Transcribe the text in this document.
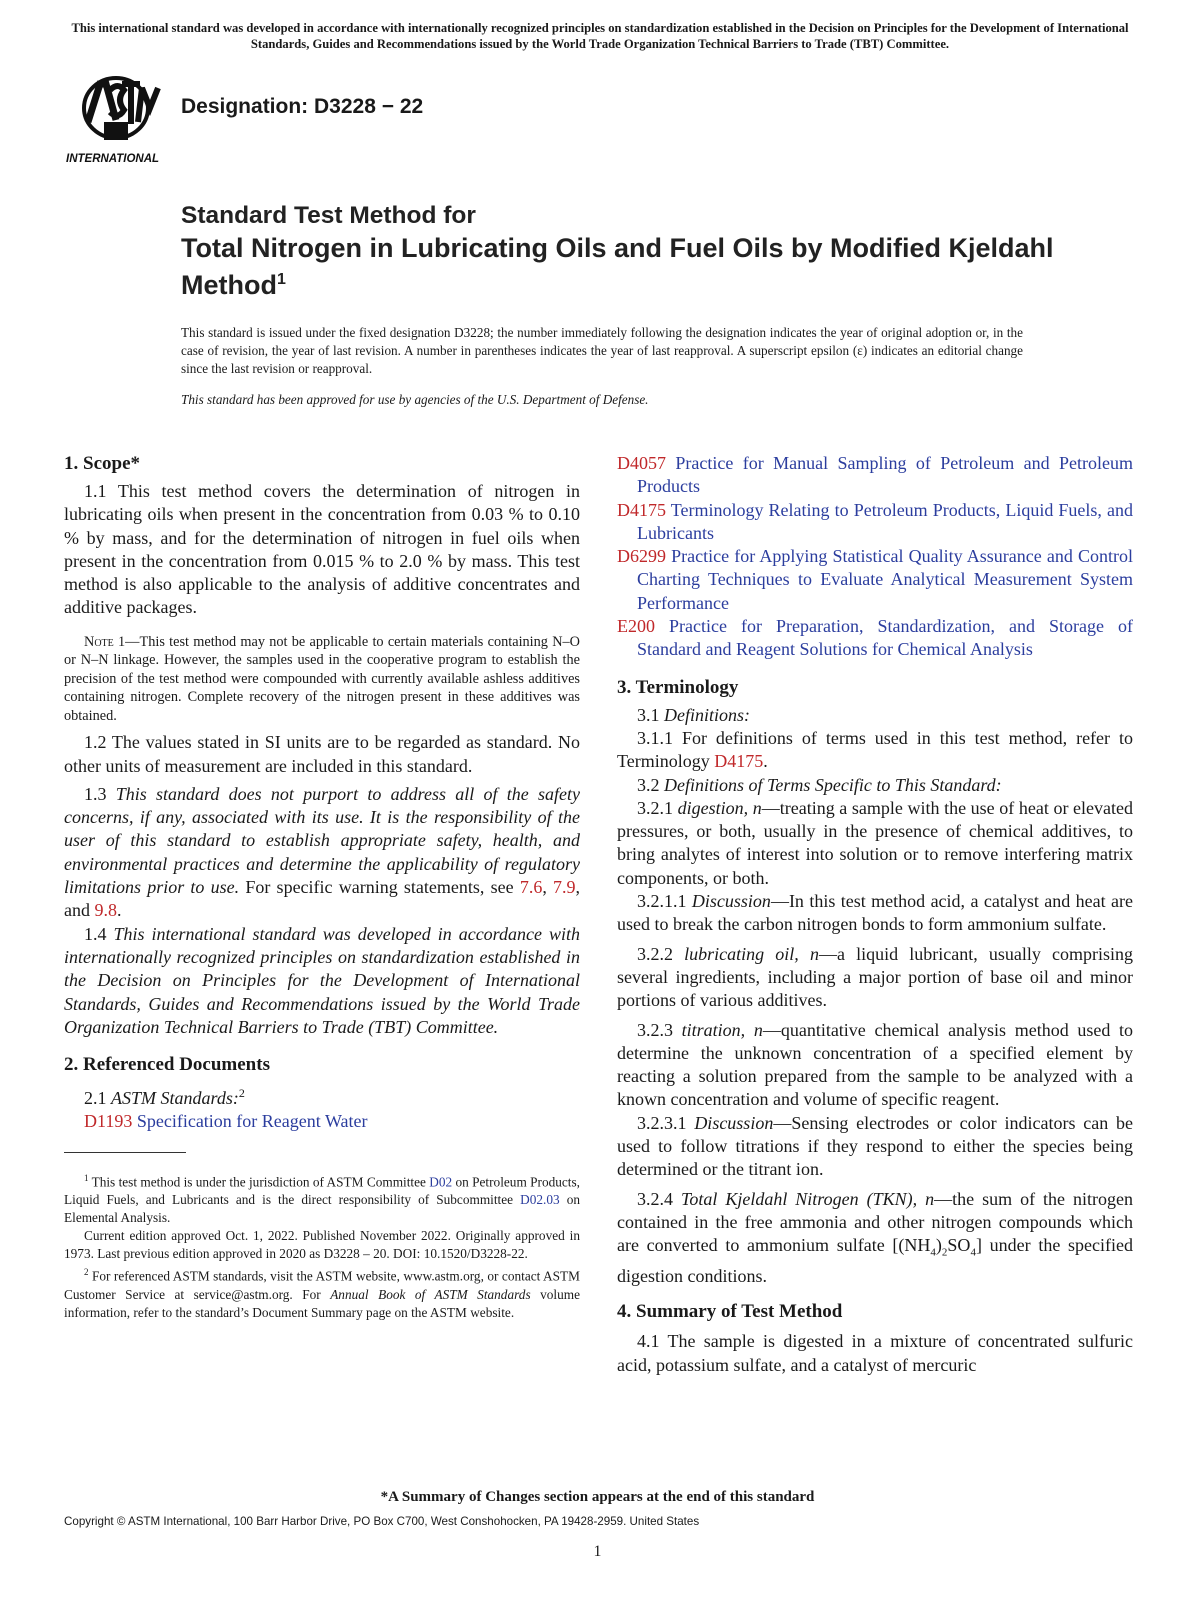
This international standard was developed in accordance with internationally recognized principles on standardization established in the Decision on Principles for the Development of International Standards, Guides and Recommendations issued by the World Trade Organization Technical Barriers to Trade (TBT) Committee.
INTERNATIONAL
Designation: D3228 − 22
Standard Test Method for
Total Nitrogen in Lubricating Oils and Fuel Oils by Modified Kjeldahl Method$^1$
This standard is issued under the fixed designation D3228; the number immediately following the designation indicates the year of original adoption or, in the case of revision, the year of last revision. A number in parentheses indicates the year of last reapproval. A superscript epsilon (ε) indicates an editorial change since the last revision or reapproval.
This standard has been approved for use by agencies of the U.S. Department of Defense.
1. Scope*

1.1 This test method covers the determination of nitrogen in lubricating oils when present in the concentration from 0.03 % to 0.10 % by mass, and for the determination of nitrogen in fuel oils when present in the concentration from 0.015 % to 2.0 % by mass. This test method is also applicable to the analysis of additive concentrates and additive packages.

Note 1—This test method may not be applicable to certain materials containing N–O or N–N linkage. However, the samples used in the cooperative program to establish the precision of the test method were compounded with currently available ashless additives containing nitrogen. Complete recovery of the nitrogen present in these additives was obtained.

1.2 The values stated in SI units are to be regarded as standard. No other units of measurement are included in this standard.

1.3 This standard does not purport to address all of the safety concerns, if any, associated with its use. It is the responsibility of the user of this standard to establish appropriate safety, health, and environmental practices and determine the applicability of regulatory limitations prior to use. For specific warning statements, see 7.6, 7.9, and 9.8.

1.4 This international standard was developed in accordance with internationally recognized principles on standardization established in the Decision on Principles for the Development of International Standards, Guides and Recommendations issued by the World Trade Organization Technical Barriers to Trade (TBT) Committee.

2. Referenced Documents

2.1 ASTM Standards:$^2$

D1193 Specification for Reagent Water

$^1$ This test method is under the jurisdiction of ASTM Committee D02 on Petroleum Products, Liquid Fuels, and Lubricants and is the direct responsibility of Subcommittee D02.03 on Elemental Analysis.

Current edition approved Oct. 1, 2022. Published November 2022. Originally approved in 1973. Last previous edition approved in 2020 as D3228 – 20. DOI: 10.1520/D3228-22.

$^2$ For referenced ASTM standards, visit the ASTM website, www.astm.org, or contact ASTM Customer Service at service@astm.org. For Annual Book of ASTM Standards volume information, refer to the standard’s Document Summary page on the ASTM website.

D4057 Practice for Manual Sampling of Petroleum and Petroleum Products

D4175 Terminology Relating to Petroleum Products, Liquid Fuels, and Lubricants

D6299 Practice for Applying Statistical Quality Assurance and Control Charting Techniques to Evaluate Analytical Measurement System Performance

E200 Practice for Preparation, Standardization, and Storage of Standard and Reagent Solutions for Chemical Analysis

3. Terminology

3.1 Definitions:

3.1.1 For definitions of terms used in this test method, refer to Terminology D4175.

3.2 Definitions of Terms Specific to This Standard:

3.2.1 digestion, n—treating a sample with the use of heat or elevated pressures, or both, usually in the presence of chemical additives, to bring analytes of interest into solution or to remove interfering matrix components, or both.

3.2.1.1 Discussion—In this test method acid, a catalyst and heat are used to break the carbon nitrogen bonds to form ammonium sulfate.

3.2.2 lubricating oil, n—a liquid lubricant, usually comprising several ingredients, including a major portion of base oil and minor portions of various additives.

3.2.3 titration, n—quantitative chemical analysis method used to determine the unknown concentration of a specified element by reacting a solution prepared from the sample to be analyzed with a known concentration and volume of specific reagent.

3.2.3.1 Discussion—Sensing electrodes or color indicators can be used to follow titrations if they respond to either the species being determined or the titrant ion.

3.2.4 Total Kjeldahl Nitrogen (TKN), n—the sum of the nitrogen contained in the free ammonia and other nitrogen compounds which are converted to ammonium sulfate $[(NH_4)_2SO_4]$ under the specified digestion conditions.

4. Summary of Test Method

4.1 The sample is digested in a mixture of concentrated sulfuric acid, potassium sulfate, and a catalyst of mercuric

*A Summary of Changes section appears at the end of this standard
Copyright © ASTM International, 100 Barr Harbor Drive, PO Box C700, West Conshohocken, PA 19428-2959. United States
1
